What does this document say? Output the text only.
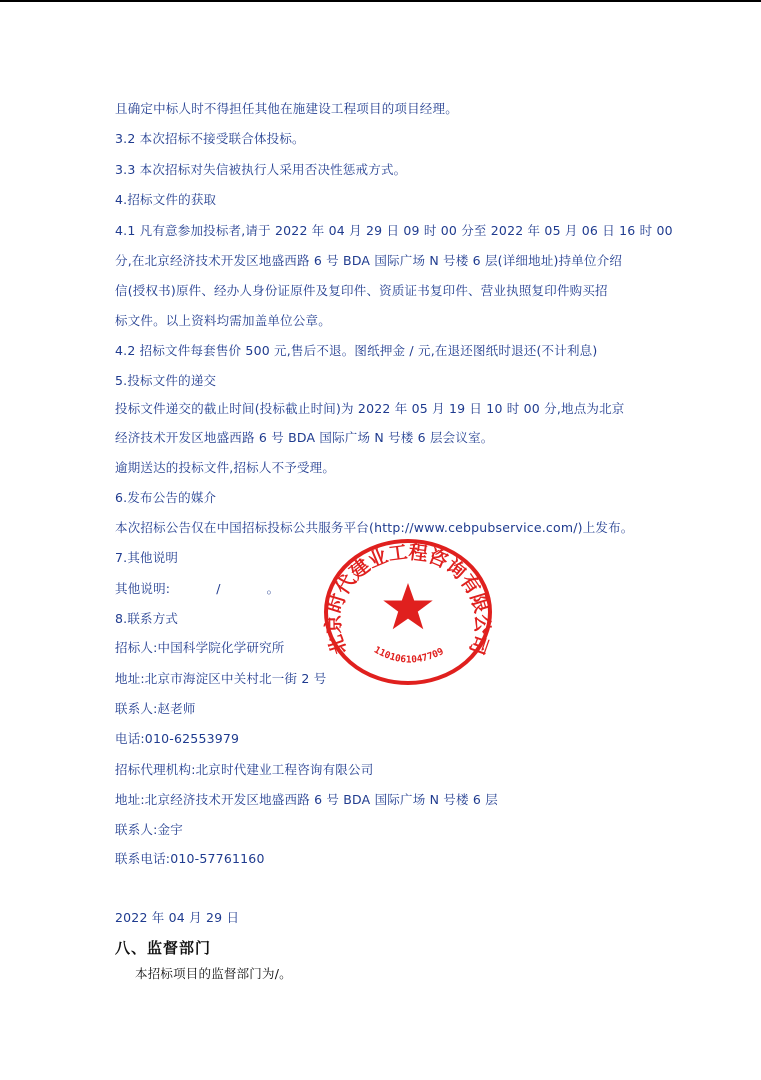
且确定中标人时不得担任其他在施建设工程项目的项目经理。
3.2 本次招标不接受联合体投标。
3.3 本次招标对失信被执行人采用否决性惩戒方式。
4.招标文件的获取
4.1 凡有意参加投标者,请于 2022 年 04 月 29 日 09 时 00 分至 2022 年 05 月 06 日 16 时 00
分,在北京经济技术开发区地盛西路 6 号 BDA 国际广场 N 号楼 6 层(详细地址)持单位介绍
信(授权书)原件、经办人身份证原件及复印件、资质证书复印件、营业执照复印件购买招
标文件。以上资料均需加盖单位公章。
4.2 招标文件每套售价 500 元,售后不退。图纸押金 / 元,在退还图纸时退还(不计利息)
5.投标文件的递交
投标文件递交的截止时间(投标截止时间)为 2022 年 05 月 19 日 10 时 00 分,地点为北京
经济技术开发区地盛西路 6 号 BDA 国际广场 N 号楼 6 层会议室。
逾期送达的投标文件,招标人不予受理。
6.发布公告的媒介
本次招标公告仅在中国招标投标公共服务平台(http://www.cebpubservice.com/)上发布。
7.其他说明
其他说明:	/	。
8.联系方式
招标人:中国科学院化学研究所
地址:北京市海淀区中关村北一街 2 号
联系人:赵老师
电话:010-62553979
招标代理机构:北京时代建业工程咨询有限公司
地址:北京经济技术开发区地盛西路 6 号 BDA 国际广场 N 号楼 6 层
联系人:金宇
联系电话:010-57761160
2022 年 04 月 29 日
八、监督部门
本招标项目的监督部门为/。
北京时代建业工程咨询有限公司
1101061047709
